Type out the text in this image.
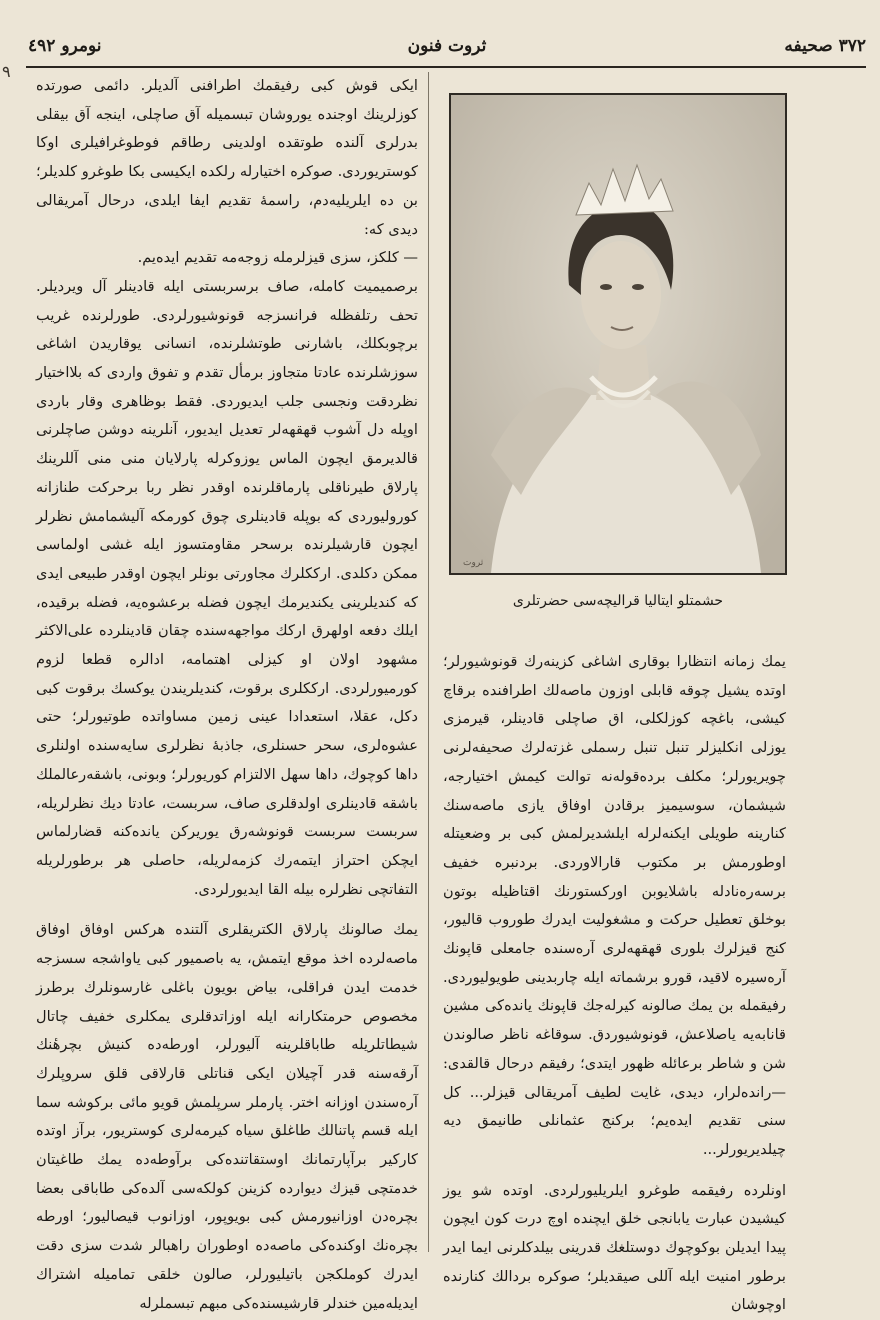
۳۷۲ صحیفه
ثروت فنون
نومرو ٤٩٢
۹

ایکی قوش کبی رفیقمك اطرافنی آلدیلر. دائمی صورتده کوزلرینك اوجنده یوروشان تبسمیله آق صاچلی، اینجه آق بیقلی بدرلری آلنده طوتقده اولدینی رطاقم فوطوغرافیلری اوکا کوستریوردی. صوکره اختیارله رلکده ایکیسی بکا طوغرو کلدیلر؛ بن ده ایلریلیه‌دم، راسمهٔ تقدیم ایفا ایلدی، درحال آمریقالی دیدی که:

— کلکز، سزی قیزلرمله زوجه‌مه تقدیم ایده‌یم.

برصمیمیت کامله، صاف برسربستی ایله قادینلر آل ویردیلر. تحف رتلفظله فرانسزجه قونوشیورلردی. طورلرنده غریب برچوبکلك، باشارنی طوتشلرنده، انسانی یوقاریدن اشاغی سوزشلرنده عادتا متجاوز برمأل تقدم و تفوق واردی که بلااختیار نظردقت ونجسی جلب ایدیوردی. فقط بوظاهری وقار باردی اوپله دل آشوب قهقهه‌لر تعدیل ایدیور، آنلرینه دوشن صاچلرنی قالدیرمق ایچون الماس یوزوکرله پارلایان منی منی آللرینك پارلاق طیرناقلی پارماقلرنده اوقدر نظر ربا برحرکت طنازانه کورولیوردی که بوپله قادینلری چوق کورمکه آلیشمامش نظرلر ایچون قارشیلرنده برسحر مقاومتسوز ایله غشی اولماسی ممکن دکلدی. ارککلرك مجاورتی بونلر ایچون اوقدر طبیعی ایدی که کندیلرینی یکندیرمك ایچون فضله برعشوه‌یه، فضله برقیده، ایلك دفعه اولهرق ارکك مواجهه‌سنده چقان قادینلرده علی‌الاکثر مشهود اولان او کیزلی اهتمامه، ادالره قطعا لزوم کورمیورلردی. ارککلری برقوت، کندیلریندن یوکسك برقوت کبی دکل، عقلا، استعدادا عینی زمین مساواتده طوتیورلر؛ حتی عشوه‌لری، سحر حسنلری، جاذبهٔ نظرلری سایه‌سنده اولنلری داها کوچوك، داها سهل الالتزام کوریورلر؛ وبونی، باشقه‌رعالملك باشقه قادینلری اولدقلری صاف، سربست، عادتا دیك نظرلریله، سربست سربست قونوشه‌رق یوریرکن یانده‌کنه قضارلماس ایچکن احتراز ایتمه‌رك کزمه‌لریله، حاصلی هر برطورلریله التفاتچی نظرلره بیله القا ایدیورلردی.

یمك صالونك پارلاق الکتریقلری آلتنده هرکس اوفاق اوفاق ماصه‌لرده اخذ موقع ایتمش، یه باصمیور کبی یاواشجه سسزجه خدمت ایدن فراقلی، بیاض بویون باغلی غارسونلرك برطرز مخصوص حرمتکارانه ایله اوزاتدقلری یمکلری خفیف چاتال شیطاتلریله طاباقلرینه آلیورلر، اورطه‌ده کنیش بچرهٔنك آرقه‌سنه قدر آچیلان ایکی قناتلی قارلاقی قلق سروپلرك آره‌سندن اوزانه اختر. پارملر سرپلمش قویو مائی برکوشه سما ایله قسم پاتنالك طاغلق سیاه کیرمه‌لری کوستریور، برآز اوتده کارکیر برآپارتمانك اوستقاتنده‌کی برآوطه‌ده یمك طاغیتان خدمتچی قیزك دیوارده کزینن کولکه‌سی آلده‌کی طاباقی بعضا بچره‌دن اوزانیورمش کبی بویوپور، اوزانوب قیصالیور؛ اورطه بچره‌نك اوکنده‌کی ماصه‌ده اوطوران راهبالر شدت سزی دقت ایدرك کوملکجن باتیلیورلر، صالون خلقی تمامیله اشتراك ایدیله‌مین خندلر قارشیسنده‌کی مبهم تبسملرله

ثروت
حشمتلو ایتالیا قرالیچه‌سی حضرتلری

یمك زمانه انتظارا بوقاری اشاغی کزینه‌رك قونوشیورلر؛ اوتده یشیل چوقه قابلی اوزون ماصه‌لك اطرافنده برقاچ کیشی، باغچه کوزلکلی، اق صاچلی قادینلر، قیرمزی یوزلی انکلیزلر تنبل تنبل رسملی غزته‌لرك صحیفه‌لرنی چویریورلر؛ مکلف برده‌قوله‌نه توالت کیمش اختیارجه، شیشمان، سوسیمیز برقادن اوفاق یازی ماصه‌سنك کنارینه طویلی ایکنه‌لرله ایلشدیرلمش کبی بر وضعیتله اوطورمش بر مکتوب قارالاوردی. بردنبره خفیف برسه‌ره‌نادله باشلایوبن اورکستورنك اقتاظیله بوتون بوخلق تعطیل حرکت و مشغولیت ایدرك طوروب قالیور، کنج قیزلرك بلوری قهقهه‌لری آره‌سنده جامعلی قاپونك آره‌سیره لاقید، قورو برشماته ایله چاربدینی طویولیوردی. رفیقمله بن یمك صالونه کیرله‌جك قاپونك یانده‌کی مشین قانابه‌یه یاصلاعش، قونوشیوردق. سوقاغه ناظر صالوندن شن و شاطر برعائله ظهور ایتدی؛ رفیقم درحال قالقدی: —رانده‌لرار، دیدی، غایت لطیف آمریقالی قیزلر... کل سنی تقدیم ایده‌یم؛ برکنج عثمانلی طانیمق دیه چیلدیریورلر...

اونلرده رفیقمه طوغرو ایلریلیورلردی. اوتده شو یوز کیشیدن عبارت یابانجی خلق ایچنده اوچ درت کون ایچون پیدا ایدیلن بوکوچوك دوستلغك قدرینی بیلدکلرنی ایما ایدر برطور امنیت ایله آللی صیقدیلر؛ صوکره بردالك کنارنده اوچوشان
